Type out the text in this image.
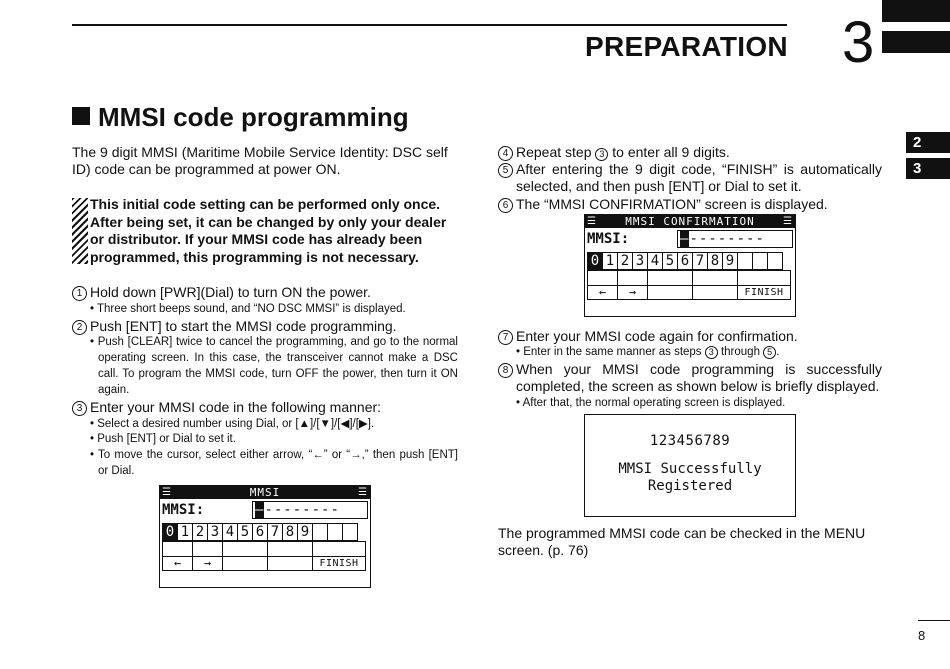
PREPARATION 3
2
3
MMSI code programming
The 9 digit MMSI (Maritime Mobile Service Identity: DSC self ID) code can be programmed at power ON.
This initial code setting can be performed only once. After being set, it can be changed by only your dealer or distributor. If your MMSI code has already been programmed, this programming is not necessary.
1 Hold down [PWR](Dial) to turn ON the power.
• Three short beeps sound, and “NO DSC MMSI” is displayed.
2 Push [ENT] to start the MMSI code programming.
• Push [CLEAR] twice to cancel the programming, and go to the normal operating screen. In this case, the transceiver cannot make a DSC call. To program the MMSI code, turn OFF the power, then turn it ON again.
3 Enter your MMSI code in the following manner:
• Select a desired number using Dial, or [▲]/[▼]/[◀]/[▶].
• Push [ENT] or Dial to set it.
• To move the cursor, select either arrow, “←” or “→,” then push [ENT] or Dial.
☰	MMSI	☰
MMSI:	–--------
0 1 2 3 4 5 6 7 8 9
←	→	FINISH
4 Repeat step 3 to enter all 9 digits.
5 After entering the 9 digit code, “FINISH” is automatically selected, and then push [ENT] or Dial to set it.
6 The “MMSI CONFIRMATION” screen is displayed.
☰	MMSI CONFIRMATION	☰
MMSI:	–--------
0 1 2 3 4 5 6 7 8 9
←	→	FINISH
7 Enter your MMSI code again for confirmation.
• Enter in the same manner as steps 3 through 5 .
8 When your MMSI code programming is successfully completed, the screen as shown below is briefly displayed.
• After that, the normal operating screen is displayed.
123456789
MMSI Successfully
Registered
The programmed MMSI code can be checked in the MENU screen. (p. 76)
8
